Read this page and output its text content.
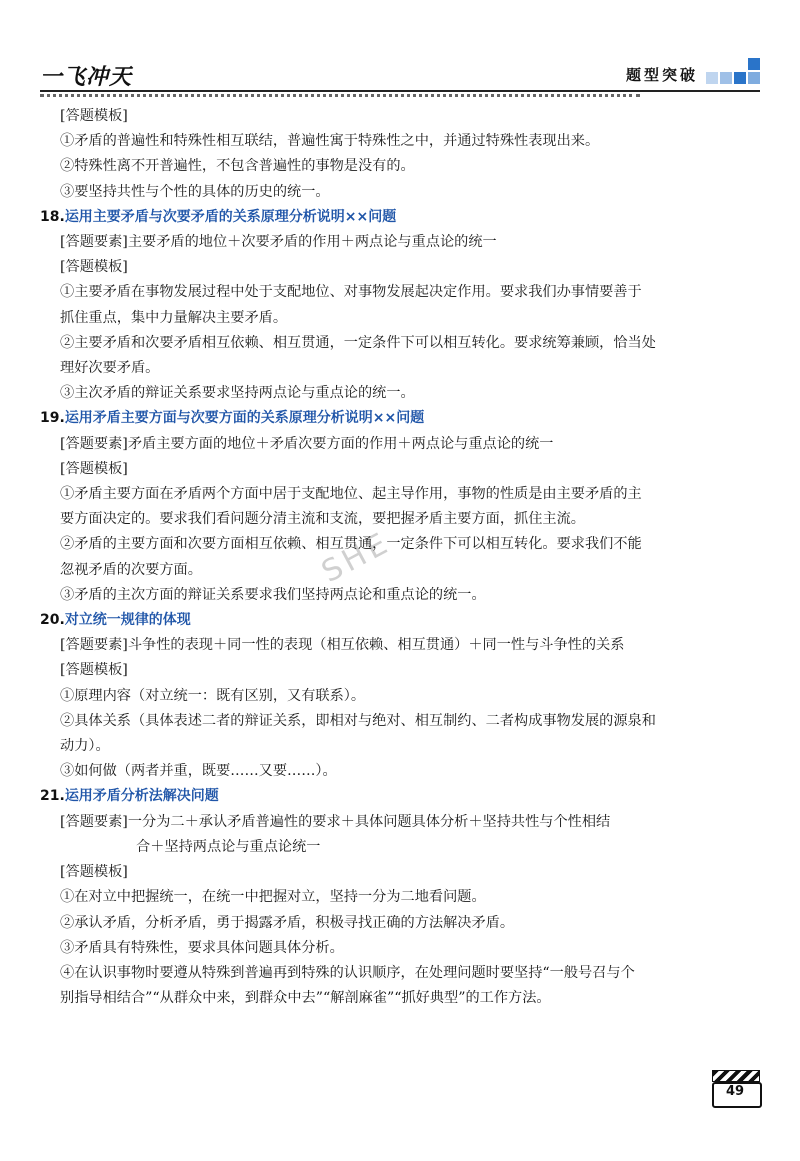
一飞冲天	题型突破
SHE
[答题模板]
①矛盾的普遍性和特殊性相互联结，普遍性寓于特殊性之中，并通过特殊性表现出来。
②特殊性离不开普遍性，不包含普遍性的事物是没有的。
③要坚持共性与个性的具体的历史的统一。
18.运用主要矛盾与次要矛盾的关系原理分析说明××问题
[答题要素]主要矛盾的地位＋次要矛盾的作用＋两点论与重点论的统一
[答题模板]
①主要矛盾在事物发展过程中处于支配地位、对事物发展起决定作用。要求我们办事情要善于
抓住重点，集中力量解决主要矛盾。
②主要矛盾和次要矛盾相互依赖、相互贯通，一定条件下可以相互转化。要求统筹兼顾，恰当处
理好次要矛盾。
③主次矛盾的辩证关系要求坚持两点论与重点论的统一。
19.运用矛盾主要方面与次要方面的关系原理分析说明××问题
[答题要素]矛盾主要方面的地位＋矛盾次要方面的作用＋两点论与重点论的统一
[答题模板]
①矛盾主要方面在矛盾两个方面中居于支配地位、起主导作用，事物的性质是由主要矛盾的主
要方面决定的。要求我们看问题分清主流和支流，要把握矛盾主要方面，抓住主流。
②矛盾的主要方面和次要方面相互依赖、相互贯通，一定条件下可以相互转化。要求我们不能
忽视矛盾的次要方面。
③矛盾的主次方面的辩证关系要求我们坚持两点论和重点论的统一。
20.对立统一规律的体现
[答题要素]斗争性的表现＋同一性的表现（相互依赖、相互贯通）＋同一性与斗争性的关系
[答题模板]
①原理内容（对立统一：既有区别，又有联系）。
②具体关系（具体表述二者的辩证关系，即相对与绝对、相互制约、二者构成事物发展的源泉和
动力）。
③如何做（两者并重，既要……又要……）。
21.运用矛盾分析法解决问题
[答题要素]一分为二＋承认矛盾普遍性的要求＋具体问题具体分析＋坚持共性与个性相结
合＋坚持两点论与重点论统一
[答题模板]
①在对立中把握统一，在统一中把握对立，坚持一分为二地看问题。
②承认矛盾，分析矛盾，勇于揭露矛盾，积极寻找正确的方法解决矛盾。
③矛盾具有特殊性，要求具体问题具体分析。
④在认识事物时要遵从特殊到普遍再到特殊的认识顺序，在处理问题时要坚持“一般号召与个
别指导相结合”“从群众中来，到群众中去”“解剖麻雀”“抓好典型”的工作方法。
49
